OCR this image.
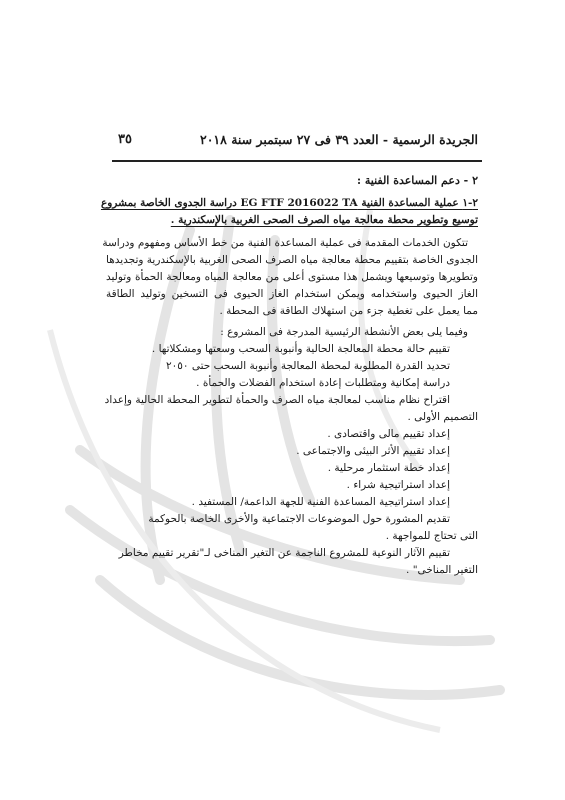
الجريدة الرسمية - العدد ٣٩ فى ٢٧ سبتمبر سنة ٢٠١٨
٣٥
٢ - دعم المساعدة الفنية :
٢-١ عملية المساعدة الفنية EG FTF 2016022 TA دراسة الجدوى الخاصة بمشروع
توسيع وتطوير محطة معالجة مياه الصرف الصحى الغربية بالإسكندرية .
تتكون الخدمات المقدمة فى عملية المساعدة الفنية من خط الأساس ومفهوم ودراسة
الجدوى الخاصة بتقييم محطة معالجة مياه الصرف الصحى الغربية بالإسكندرية وتجديدها
وتطويرها وتوسيعها ويشمل هذا مستوى أعلى من معالجة المياه ومعالجة الحمأة وتوليد
الغاز الحيوى واستخدامه ويمكن استخدام الغاز الحيوى فى التسخين وتوليد الطاقة
مما يعمل على تغطية جزء من استهلاك الطاقة فى المحطة .
وفيما يلى بعض الأنشطة الرئيسية المدرجة فى المشروع :
تقييم حالة محطة المعالجة الحالية وأنبوبة السحب وسعتها ومشكلاتها .
تحديد القدرة المطلوبة لمحطة المعالجة وأنبوبة السحب حتى ٢٠٥٠
دراسة إمكانية ومتطلبات إعادة استخدام الفضلات والحمأة .
اقتراح نظام مناسب لمعالجة مياه الصرف والحمأة لتطوير المحطة الحالية وإعداد
التصميم الأولى .
إعداد تقييم مالى واقتصادى .
إعداد تقييم الأثر البيئى والاجتماعى .
إعداد خطة استثمار مرحلية .
إعداد استراتيجية شراء .
إعداد استراتيجية المساعدة الفنية للجهة الداعمة/ المستفيد .
تقديم المشورة حول الموضوعات الاجتماعية والأخرى الخاصة بالحوكمة
التى تحتاج للمواجهة .
تقييم الآثار النوعية للمشروع الناجمة عن التغير المناخى لـ"تقرير تقييم مخاطر
التغير المناخى" .
